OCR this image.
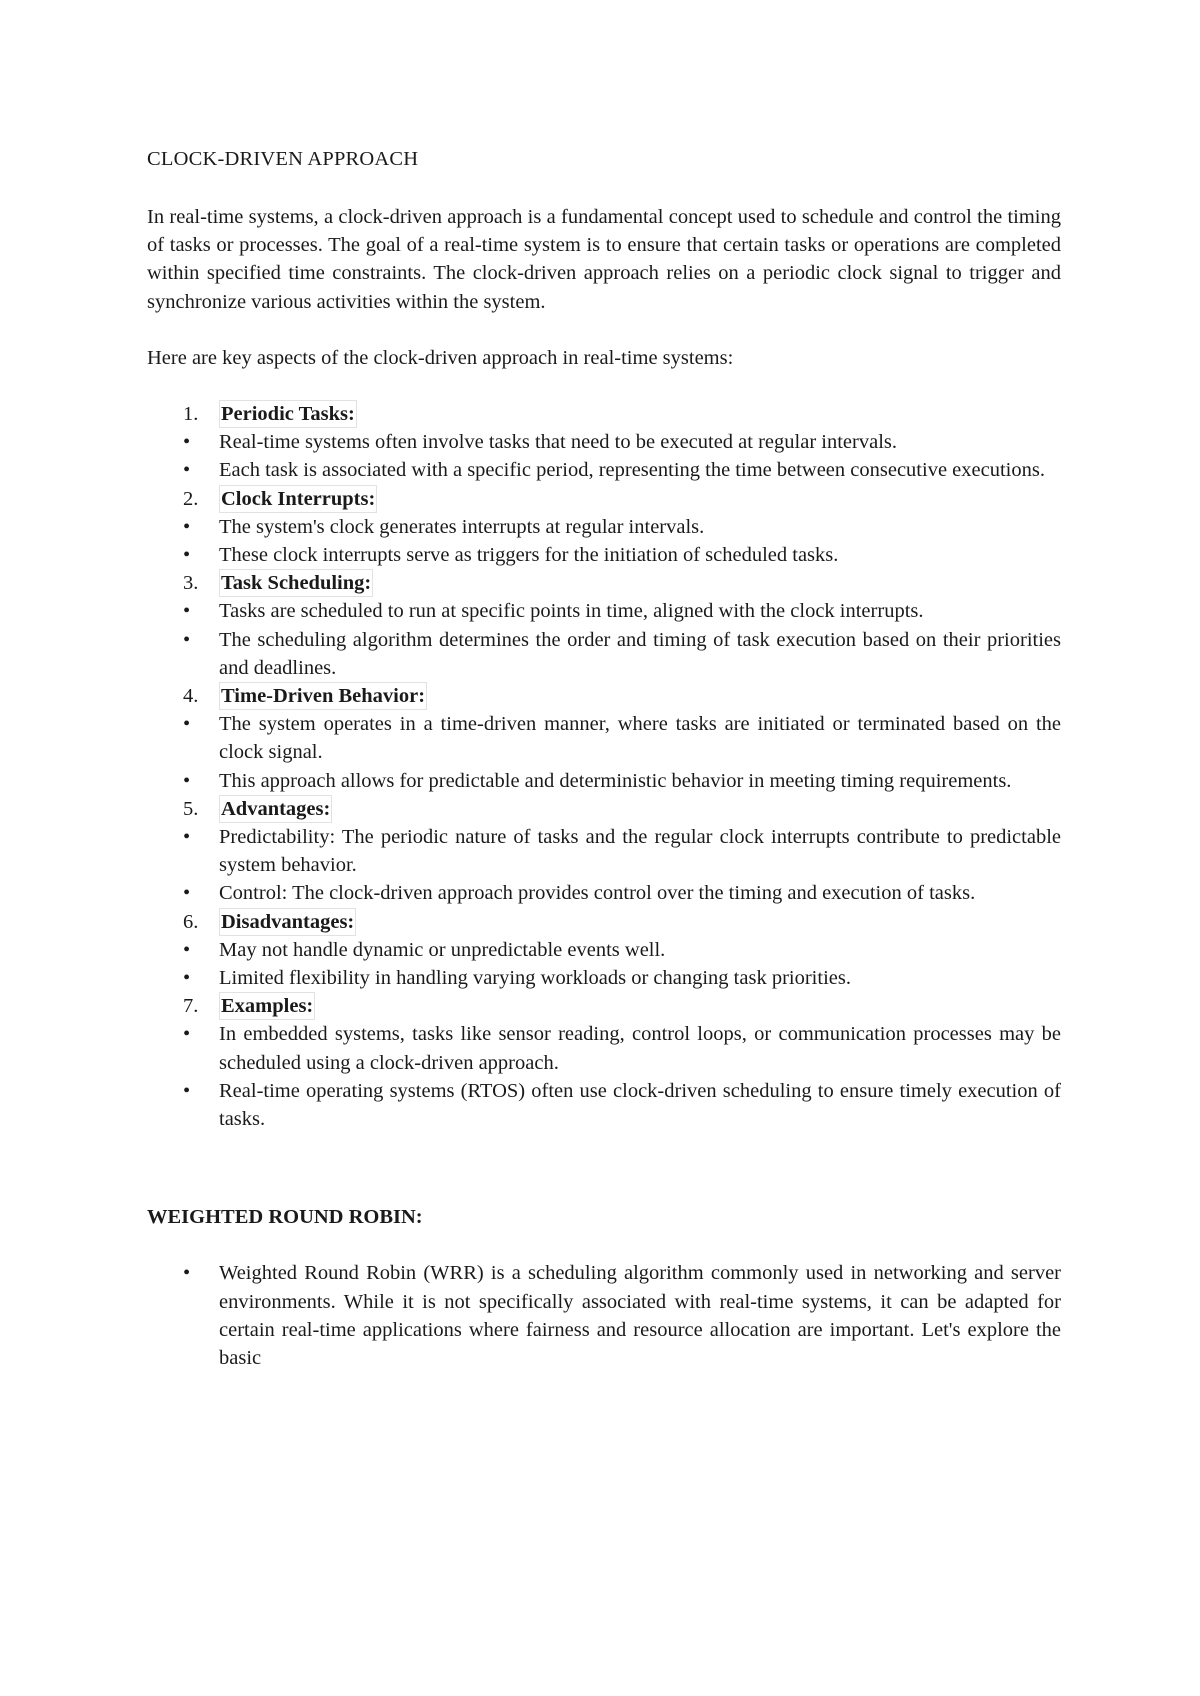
CLOCK-DRIVEN APPROACH

In real-time systems, a clock-driven approach is a fundamental concept used to schedule and control the timing of tasks or processes. The goal of a real-time system is to ensure that certain tasks or operations are completed within specified time constraints. The clock-driven approach relies on a periodic clock signal to trigger and synchronize various activities within the system.

Here are key aspects of the clock-driven approach in real-time systems:

1. Periodic Tasks:
• Real-time systems often involve tasks that need to be executed at regular intervals.
• Each task is associated with a specific period, representing the time between consecutive executions.
2. Clock Interrupts:
• The system's clock generates interrupts at regular intervals.
• These clock interrupts serve as triggers for the initiation of scheduled tasks.
3. Task Scheduling:
• Tasks are scheduled to run at specific points in time, aligned with the clock interrupts.
• The scheduling algorithm determines the order and timing of task execution based on their priorities and deadlines.
4. Time-Driven Behavior:
• The system operates in a time-driven manner, where tasks are initiated or terminated based on the clock signal.
• This approach allows for predictable and deterministic behavior in meeting timing requirements.
5. Advantages:
• Predictability: The periodic nature of tasks and the regular clock interrupts contribute to predictable system behavior.
• Control: The clock-driven approach provides control over the timing and execution of tasks.
6. Disadvantages:
• May not handle dynamic or unpredictable events well.
• Limited flexibility in handling varying workloads or changing task priorities.
7. Examples:
• In embedded systems, tasks like sensor reading, control loops, or communication processes may be scheduled using a clock-driven approach.
• Real-time operating systems (RTOS) often use clock-driven scheduling to ensure timely execution of tasks.
WEIGHTED ROUND ROBIN:
• Weighted Round Robin (WRR) is a scheduling algorithm commonly used in networking and server environments. While it is not specifically associated with real-time systems, it can be adapted for certain real-time applications where fairness and resource allocation are important. Let's explore the basic
